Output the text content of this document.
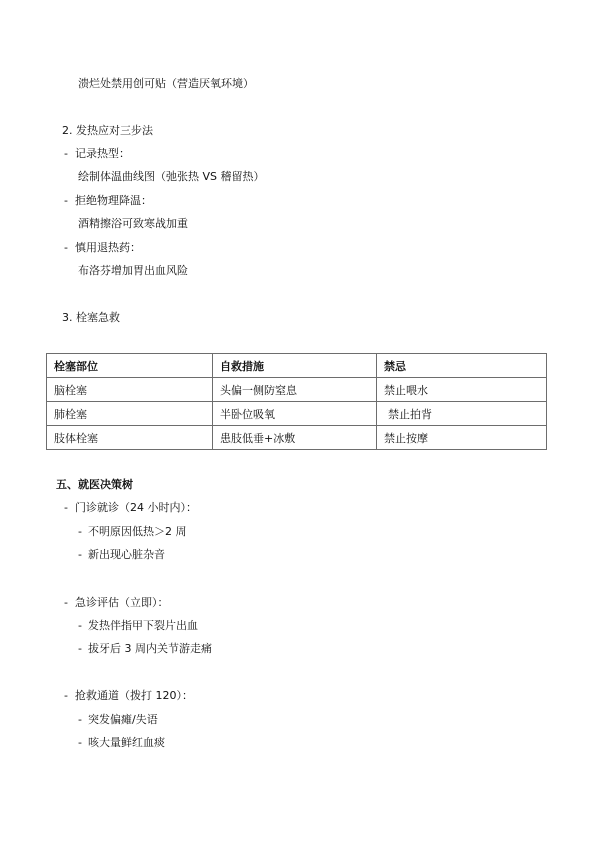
溃烂处禁用创可贴（营造厌氧环境）
2. 发热应对三步法
- 记录热型：
绘制体温曲线图（弛张热 VS 稽留热）
- 拒绝物理降温：
酒精擦浴可致寒战加重
- 慎用退热药：
布洛芬增加胃出血风险
3. 栓塞急救
栓塞部位	自救措施	禁忌
脑栓塞	头偏一侧防窒息	禁止喂水
肺栓塞	半卧位吸氧	禁止拍背
肢体栓塞	患肢低垂+冰敷	禁止按摩
五、就医决策树
- 门诊就诊（24 小时内）：
- 不明原因低热＞2 周
- 新出现心脏杂音
- 急诊评估（立即）：
- 发热伴指甲下裂片出血
- 拔牙后 3 周内关节游走痛
- 抢救通道（拨打 120）：
- 突发偏瘫/失语
- 咳大量鲜红血痰
